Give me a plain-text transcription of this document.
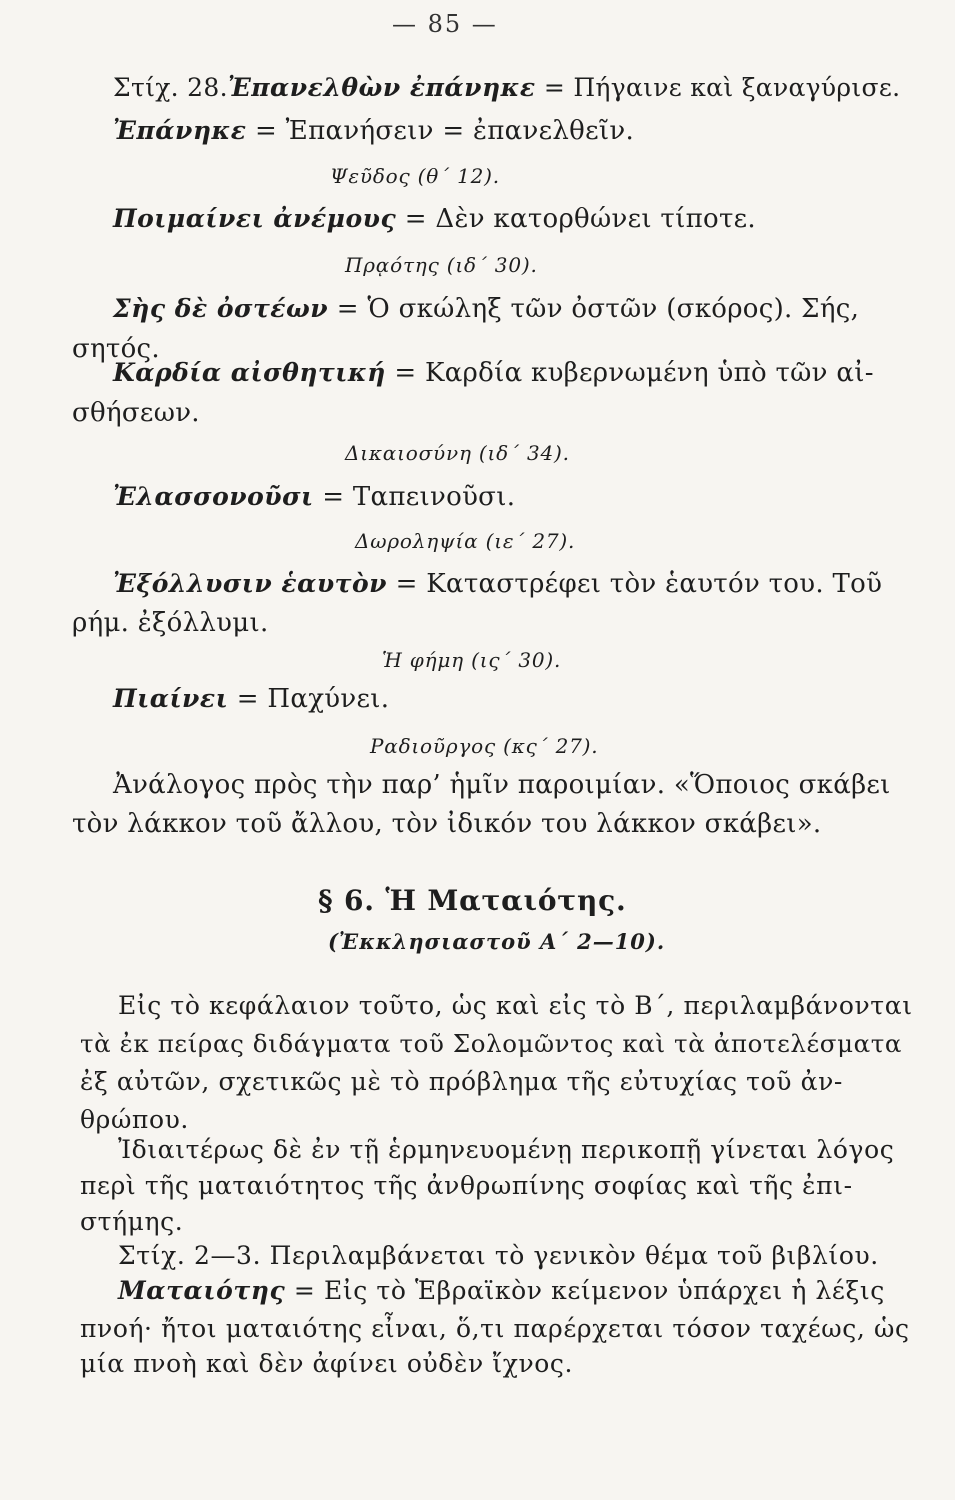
— 85 —
Στίχ. 28.Ἐπανελθὼν ἐπάνηκε = Πήγαινε καὶ ξαναγύρισε.
Ἐπάνηκε = Ἐπανήσειν = ἐπανελθεῖν.
Ψεῦδος (θ΄ 12).
Ποιμαίνει ἀνέμους = Δὲν κατορθώνει τίποτε.
Πρᾳότης (ιδ΄ 30).
Σὴς δὲ ὀστέων = Ὁ σκώληξ τῶν ὀστῶν (σκόρος). Σής,
σητός.
Καρδία αἰσθητική = Καρδία κυβερνωμένη ὑπὸ τῶν αἰ-
σθήσεων.
Δικαιοσύνη (ιδ΄ 34).
Ἐλασσονοῦσι = Ταπεινοῦσι.
Δωροληψία (ιε΄ 27).
Ἐξόλλυσιν ἑαυτὸν = Καταστρέφει τὸν ἑαυτόν του. Τοῦ
ρήμ. ἐξόλλυμι.
Ἡ φήμη (ις΄ 30).
Πιαίνει = Παχύνει.
Ραδιοῦργος (κς΄ 27).
Ἀνάλογος πρὸς τὴν παρ’ ἡμῖν παροιμίαν. «Ὅποιος σκάβει
τὸν λάκκον τοῦ ἄλλου, τὸν ἰδικόν του λάκκον σκάβει».
§ 6. Ἡ Ματαιότης.
(Ἐκκλησιαστοῦ Α΄ 2—10).
Εἰς τὸ κεφάλαιον τοῦτο, ὡς καὶ εἰς τὸ Β΄, περιλαμβάνονται
τὰ ἐκ πείρας διδάγματα τοῦ Σολομῶντος καὶ τὰ ἀποτελέσματα
ἐξ αὐτῶν, σχετικῶς μὲ τὸ πρόβλημα τῆς εὐτυχίας τοῦ ἀν-
θρώπου.
Ἰδιαιτέρως δὲ ἐν τῇ ἑρμηνευομένῃ περικοπῇ γίνεται λόγος
περὶ τῆς ματαιότητος τῆς ἀνθρωπίνης σοφίας καὶ τῆς ἐπι-
στήμης.
Στίχ. 2—3. Περιλαμβάνεται τὸ γενικὸν θέμα τοῦ βιβλίου.
Ματαιότης = Εἰς τὸ Ἑβραϊκὸν κείμενον ὑπάρχει ἡ λέξις
πνοή· ἤτοι ματαιότης εἶναι, ὅ,τι παρέρχεται τόσον ταχέως, ὡς
μία πνοὴ καὶ δὲν ἀφίνει οὐδὲν ἴχνος.
